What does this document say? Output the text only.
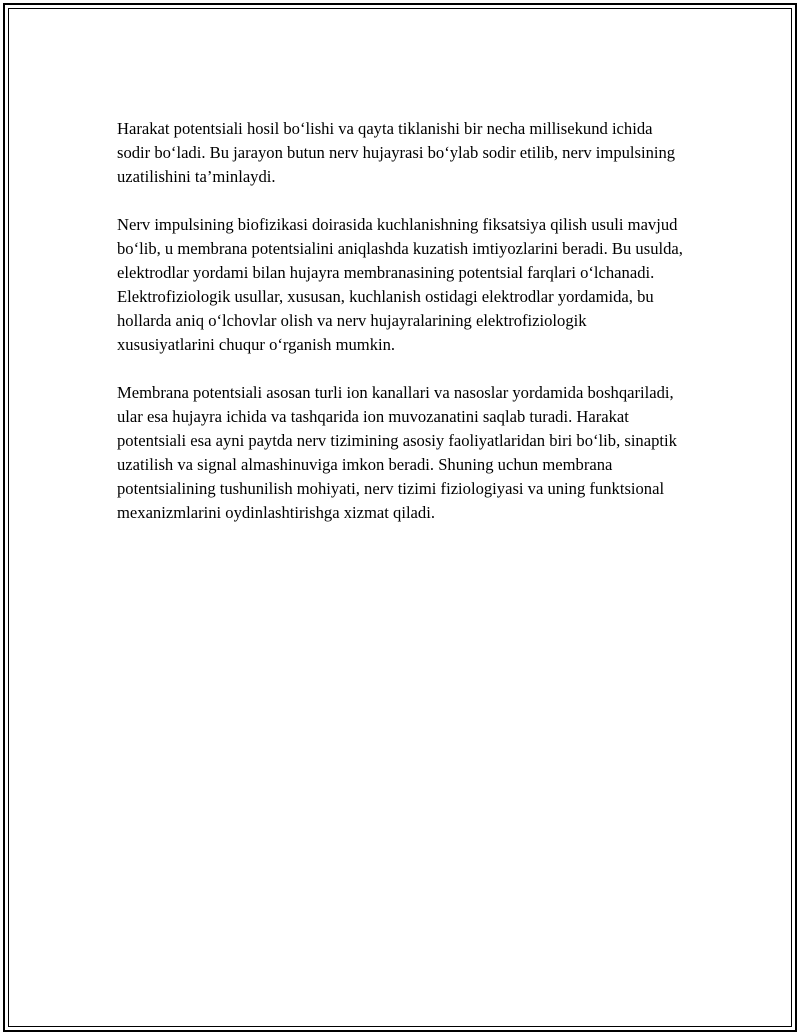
Harakat potentsiali hosil bo‘lishi va qayta tiklanishi bir necha millisekund ichida sodir bo‘ladi. Bu jarayon butun nerv hujayrasi bo‘ylab sodir etilib, nerv impulsining uzatilishini ta’minlaydi.

Nerv impulsining biofizikasi doirasida kuchlanishning fiksatsiya qilish usuli mavjud bo‘lib, u membrana potentsialini aniqlashda kuzatish imtiyozlarini beradi. Bu usulda, elektrodlar yordami bilan hujayra membranasining potentsial farqlari o‘lchanadi. Elektrofiziologik usullar, xususan, kuchlanish ostidagi elektrodlar yordamida, bu hollarda aniq o‘lchovlar olish va nerv hujayralarining elektrofiziologik xususiyatlarini chuqur o‘rganish mumkin.

Membrana potentsiali asosan turli ion kanallari va nasoslar yordamida boshqariladi, ular esa hujayra ichida va tashqarida ion muvozanatini saqlab turadi. Harakat potentsiali esa ayni paytda nerv tizimining asosiy faoliyatlaridan biri bo‘lib, sinaptik uzatilish va signal almashinuviga imkon beradi. Shuning uchun membrana potentsialining tushunilish mohiyati, nerv tizimi fiziologiyasi va uning funktsional mexanizmlarini oydinlashtirishga xizmat qiladi.
